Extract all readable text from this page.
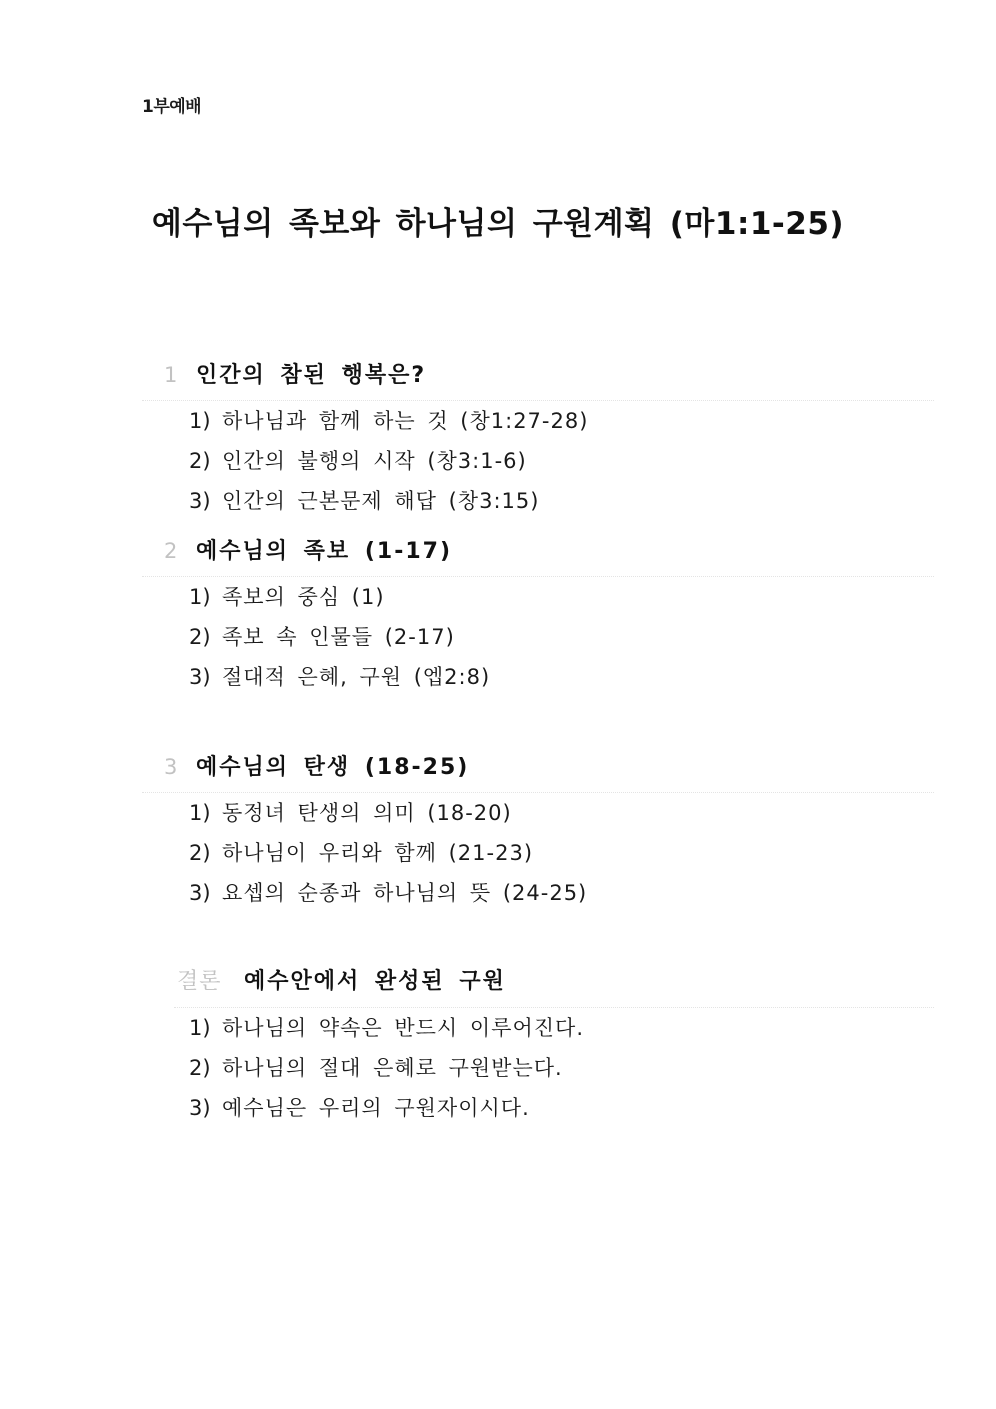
1부예배
예수님의 족보와 하나님의 구원계획 (마1:1-25)
1 인간의 참된 행복은?
1) 하나님과 함께 하는 것 (창1:27-28)
2) 인간의 불행의 시작 (창3:1-6)
3) 인간의 근본문제 해답 (창3:15)
2 예수님의 족보 (1-17)
1) 족보의 중심 (1)
2) 족보 속 인물들 (2-17)
3) 절대적 은혜, 구원 (엡2:8)
3 예수님의 탄생 (18-25)
1) 동정녀 탄생의 의미 (18-20)
2) 하나님이 우리와 함께 (21-23)
3) 요셉의 순종과 하나님의 뜻 (24-25)
결론	예수안에서 완성된 구원
1) 하나님의 약속은 반드시 이루어진다.
2) 하나님의 절대 은혜로 구원받는다.
3) 예수님은 우리의 구원자이시다.
